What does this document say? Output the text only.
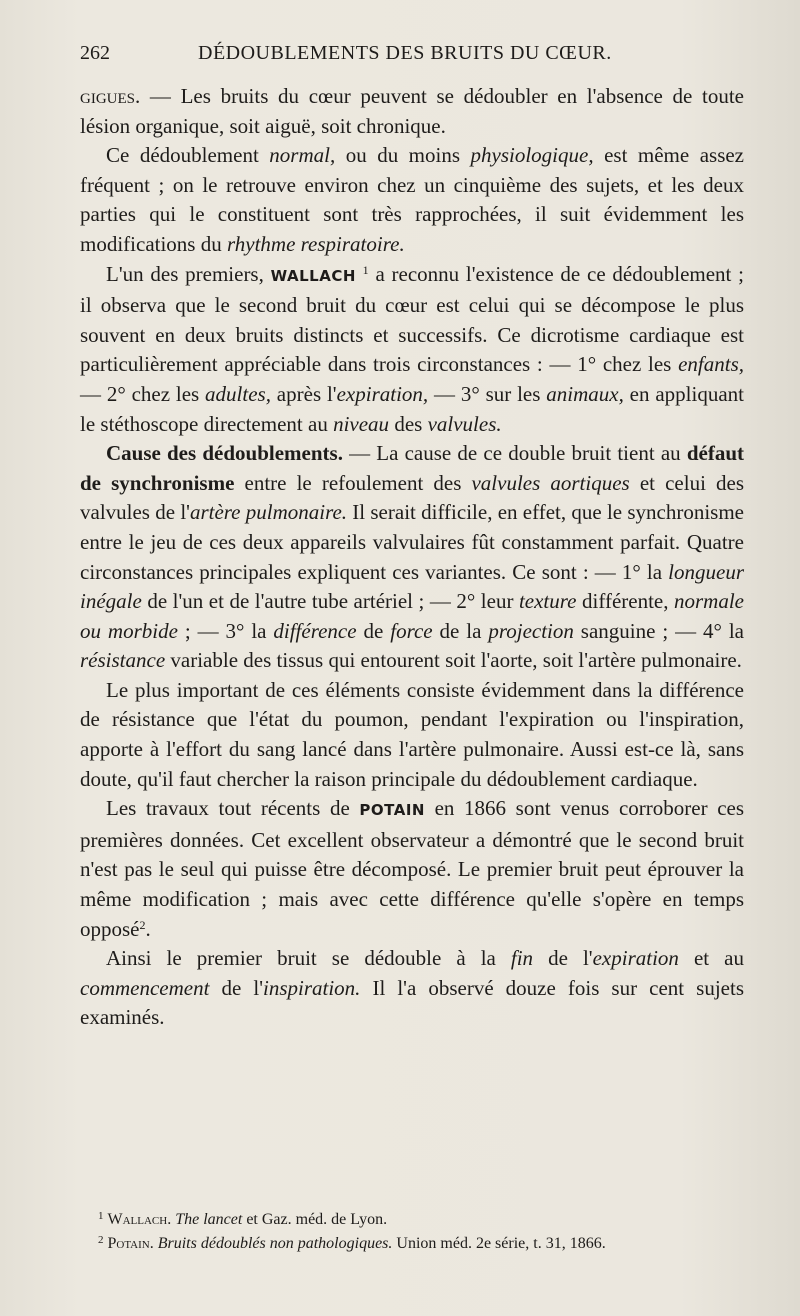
262	DÉDOUBLEMENTS DES BRUITS DU CŒUR.

gigues. — Les bruits du cœur peuvent se dédoubler en l'absence de toute lésion organique, soit aiguë, soit chronique.

Ce dédoublement normal, ou du moins physiologique, est même assez fréquent ; on le retrouve environ chez un cinquième des sujets, et les deux parties qui le constituent sont très rapprochées, il suit évidemment les modifications du rhythme respiratoire.

L'un des premiers, WALLACH $^1$ a reconnu l'existence de ce dédoublement ; il observa que le second bruit du cœur est celui qui se décompose le plus souvent en deux bruits distincts et successifs. Ce dicrotisme cardiaque est particulièrement appréciable dans trois circonstances : — 1° chez les enfants, — 2° chez les adultes, après l'expiration, — 3° sur les animaux, en appliquant le stéthoscope directement au niveau des valvules.

Cause des dédoublements. — La cause de ce double bruit tient au défaut de synchronisme entre le refoulement des valvules aortiques et celui des valvules de l'artère pulmonaire. Il serait difficile, en effet, que le synchronisme entre le jeu de ces deux appareils valvulaires fût constamment parfait. Quatre circonstances principales expliquent ces variantes. Ce sont : — 1° la longueur inégale de l'un et de l'autre tube artériel ; — 2° leur texture différente, normale ou morbide ; — 3° la différence de force de la projection sanguine ; — 4° la résistance variable des tissus qui entourent soit l'aorte, soit l'artère pulmonaire.

Le plus important de ces éléments consiste évidemment dans la différence de résistance que l'état du poumon, pendant l'expiration ou l'inspiration, apporte à l'effort du sang lancé dans l'artère pulmonaire. Aussi est-ce là, sans doute, qu'il faut chercher la raison principale du dédoublement cardiaque.

Les travaux tout récents de POTAIN en 1866 sont venus corroborer ces premières données. Cet excellent observateur a démontré que le second bruit n'est pas le seul qui puisse être décomposé. Le premier bruit peut éprouver la même modification ; mais avec cette différence qu'elle s'opère en temps opposé$^2$.

Ainsi le premier bruit se dédouble à la fin de l'expiration et au commencement de l'inspiration. Il l'a observé douze fois sur cent sujets examinés.

$^1$ Wallach. The lancet et Gaz. méd. de Lyon.

$^2$ Potain. Bruits dédoublés non pathologiques. Union méd. 2e série, t. 31, 1866.
